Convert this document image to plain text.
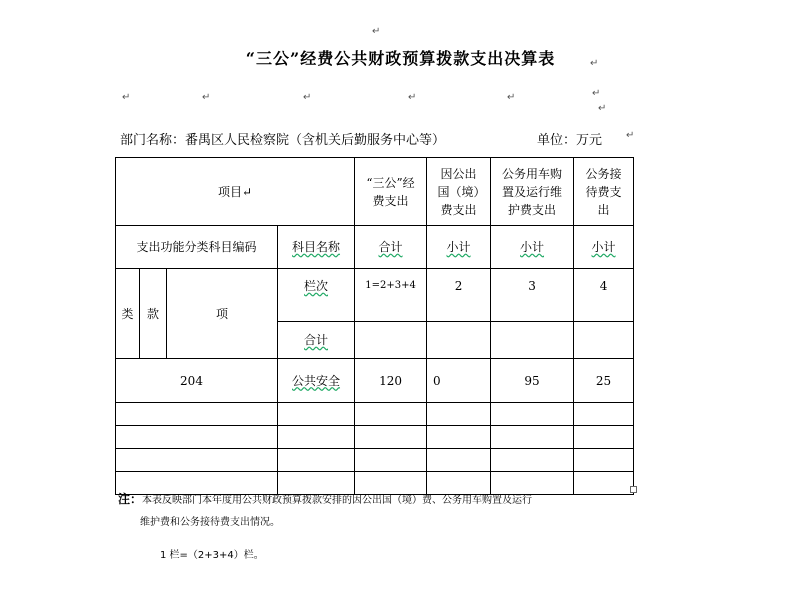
↵
↵
↵	↵	↵	↵	↵	↵
↵
↵
“三公”经费公共财政预算拨款支出决算表
部门名称：番禺区人民检察院（含机关后勤服务中心等）	单位：万元
项目↵				“三公”经费支出	因公出国（境）费支出	公务用车购置及运行维护费支出	公务接待费支出
支出功能分类科目编码			科目名称	合计	小计	小计	小计
类	款	项	栏次	1=2+3+4	2	3	4
			合计				
204			公共安全	120	0	95	25

注：本表反映部门本年度用公共财政预算拨款安排的因公出国（境）费、公务用车购置及运行
维护费和公务接待费支出情况。
1 栏=（2+3+4）栏。
